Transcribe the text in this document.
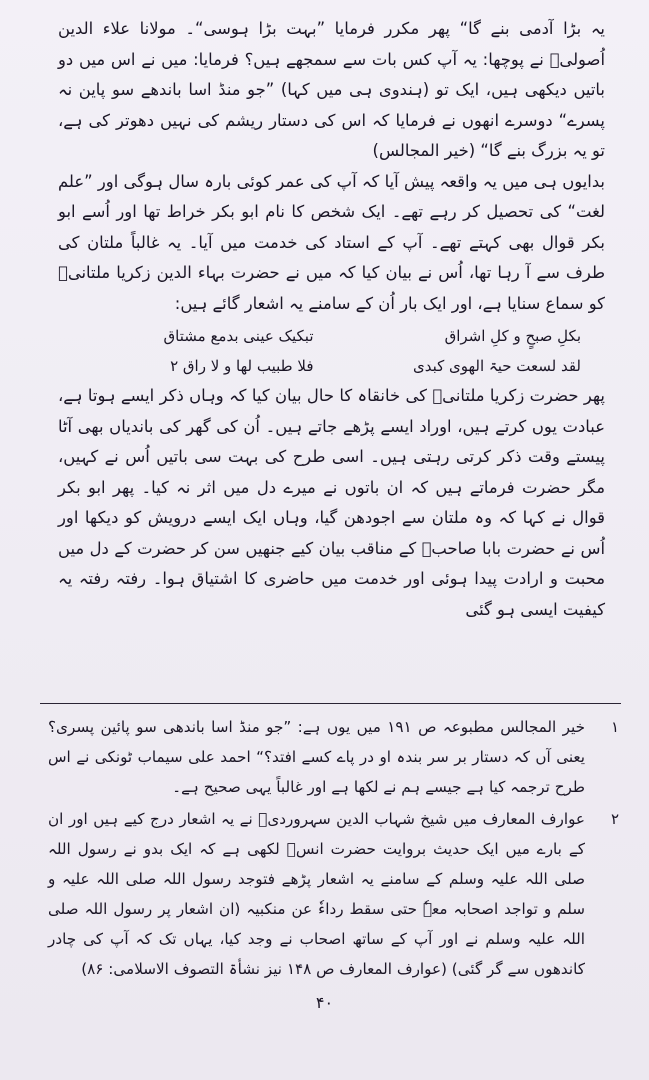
یہ بڑا آدمی بنے گا“ پھر مکرر فرمایا ”بہت بڑا ہوسی“۔ مولانا علاء الدین اُصولیؒ نے پوچھا: یہ آپ کس بات سے سمجھے ہیں؟ فرمایا: میں نے اس میں دو باتیں دیکھی ہیں، ایک تو (ہندوی ہی میں کہا) ”جو منڈ اسا باندھے سو پاین نہ پسرے“ دوسرے انھوں نے فرمایا کہ اس کی دستار ریشم کی نہیں دھوتر کی ہے، تو یہ بزرگ بنے گا“ (خیر المجالس)

بدایوں ہی میں یہ واقعہ پیش آیا کہ آپ کی عمر کوئی بارہ سال ہوگی اور ”علم لغت“ کی تحصیل کر رہے تھے۔ ایک شخص کا نام ابو بکر خراط تھا اور اُسے ابو بکر قوال بھی کہتے تھے۔ آپ کے استاد کی خدمت میں آیا۔ یہ غالباً ملتان کی طرف سے آ رہا تھا، اُس نے بیان کیا کہ میں نے حضرت بہاء الدین زکریا ملتانیؒ کو سماع سنایا ہے، اور ایک بار اُن کے سامنے یہ اشعار گائے ہیں:

بکلِ صبحٍ و کلِ اشراق
تبکیک عینی بدمع مشتاق
لقد لسعت حیۃ الھوی کبدی
فلا طبیب لھا و لا راق ۲

پھر حضرت زکریا ملتانیؒ کی خانقاہ کا حال بیان کیا کہ وہاں ذکر ایسے ہوتا ہے، عبادت یوں کرتے ہیں، اوراد ایسے پڑھے جاتے ہیں۔ اُن کی گھر کی باندیاں بھی آٹا پیستے وقت ذکر کرتی رہتی ہیں۔ اسی طرح کی بہت سی باتیں اُس نے کہیں، مگر حضرت فرماتے ہیں کہ ان باتوں نے میرے دل میں اثر نہ کیا۔ پھر ابو بکر قوال نے کہا کہ وہ ملتان سے اجودھن گیا، وہاں ایک ایسے درویش کو دیکھا اور اُس نے حضرت بابا صاحبؒ کے مناقب بیان کیے جنھیں سن کر حضرت کے دل میں محبت و ارادت پیدا ہوئی اور خدمت میں حاضری کا اشتیاق ہوا۔ رفتہ رفتہ یہ کیفیت ایسی ہو گئی

۱

خیر المجالس مطبوعہ ص ۱۹۱ میں یوں ہے: ”جو منڈ اسا باندھی سو پائین پسری؟ یعنی آں کہ دستار بر سر بندہ او در پاے کسے افتد؟“ احمد علی سیماب ٹونکی نے اس طرح ترجمہ کیا ہے جیسے ہم نے لکھا ہے اور غالباً یہی صحیح ہے۔

۲

عوارف المعارف میں شیخ شہاب الدین سہروردیؒ نے یہ اشعار درج کیے ہیں اور ان کے بارے میں ایک حدیث بروایت حضرت انسؓ لکھی ہے کہ ایک بدو نے رسول اللہ صلی اللہ علیہ وسلم کے سامنے یہ اشعار پڑھے فتوجد رسول اللہ صلی اللہ علیہ و سلم و تواجد اصحابہ معہٗ حتی سقط رداءٗ عن منکبیہ (ان اشعار پر رسول اللہ صلی اللہ علیہ وسلم نے اور آپ کے ساتھ اصحاب نے وجد کیا، یہاں تک کہ آپ کی چادر کاندھوں سے گر گئی) (عوارف المعارف ص ۱۴۸ نیز نشأۃ التصوف الاسلامی: ۸۶)

۴۰
